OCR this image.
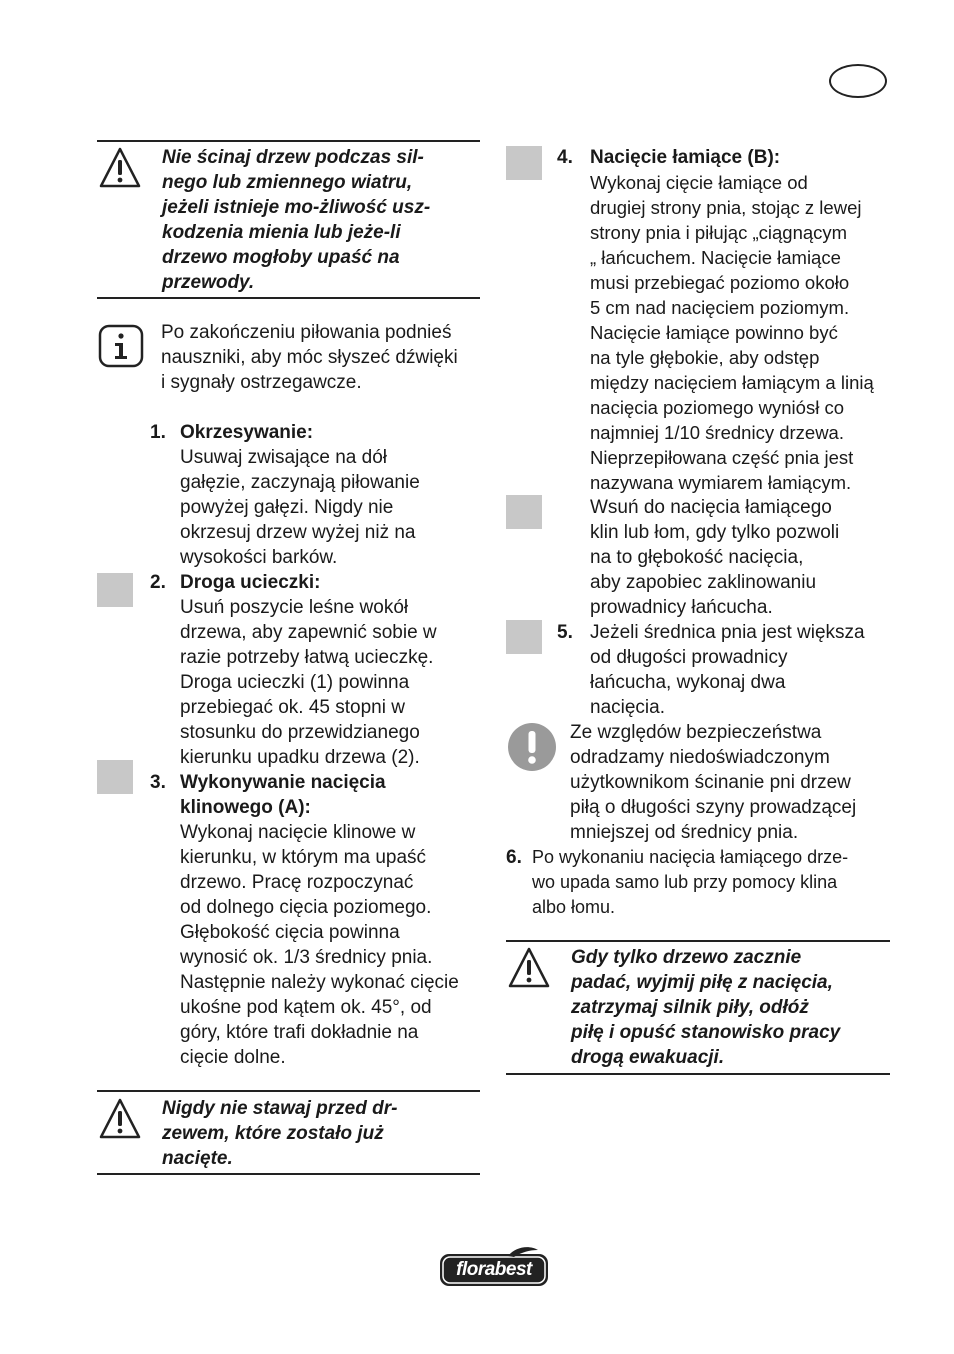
Nie ścinaj drzew podczas sil-
nego lub zmiennego wiatru,
jeżeli istnieje mo-żliwość usz-
kodzenia mienia lub jeże-li
drzewo mogłoby upaść na
przewody.
Po zakończeniu piłowania podnieś
nauszniki, aby móc słyszeć dźwięki
i sygnały ostrzegawcze.
1. Okrzesywanie:
Usuwaj zwisające na dół
gałęzie, zaczynają piłowanie
powyżej gałęzi. Nigdy nie
okrzesuj drzew wyżej niż na
wysokości barków.
2. Droga ucieczki:
Usuń poszycie leśne wokół
drzewa, aby zapewnić sobie w
razie potrzeby łatwą ucieczkę.
Droga ucieczki (1) powinna
przebiegać ok. 45 stopni w
stosunku do przewidzianego
kierunku upadku drzewa (2).
3. Wykonywanie nacięcia
klinowego (A):
Wykonaj nacięcie klinowe w
kierunku, w którym ma upaść
drzewo. Pracę rozpoczynać
od dolnego cięcia poziomego.
Głębokość cięcia powinna
wynosić ok. 1/3 średnicy pnia.
Następnie należy wykonać cięcie
ukośne pod kątem ok. 45°, od
góry, które trafi dokładnie na
cięcie dolne.
Nigdy nie stawaj przed dr-
zewem, które zostało już
nacięte.
4. Nacięcie łamiące (B):
Wykonaj cięcie łamiące od
drugiej strony pnia, stojąc z lewej
strony pnia i piłując „ciągnącym
„ łańcuchem. Nacięcie łamiące
musi przebiegać poziomo około
5 cm nad nacięciem poziomym.
Nacięcie łamiące powinno być
na tyle głębokie, aby odstęp
między nacięciem łamiącym a linią
nacięcia poziomego wyniósł co
najmniej 1/10 średnicy drzewa.
Nieprzepiłowana część pnia jest
nazywana wymiarem łamiącym.
Wsuń do nacięcia łamiącego
klin lub łom, gdy tylko pozwoli
na to głębokość nacięcia,
aby zapobiec zaklinowaniu
prowadnicy łańcucha.
5. Jeżeli średnica pnia jest większa
od długości prowadnicy
łańcucha, wykonaj dwa
nacięcia.
Ze względów bezpieczeństwa
odradzamy niedoświadczonym
użytkownikom ścinanie pni drzew
piłą o długości szyny prowadzącej
mniejszej od średnicy pnia.
6. Po wykonaniu nacięcia łamiącego drze-
wo upada samo lub przy pomocy klina
albo łomu.
Gdy tylko drzewo zacznie
padać, wyjmij piłę z nacięcia,
zatrzymaj silnik piły, odłóż
piłę i opuść stanowisko pracy
drogą ewakuacji.
florabest
